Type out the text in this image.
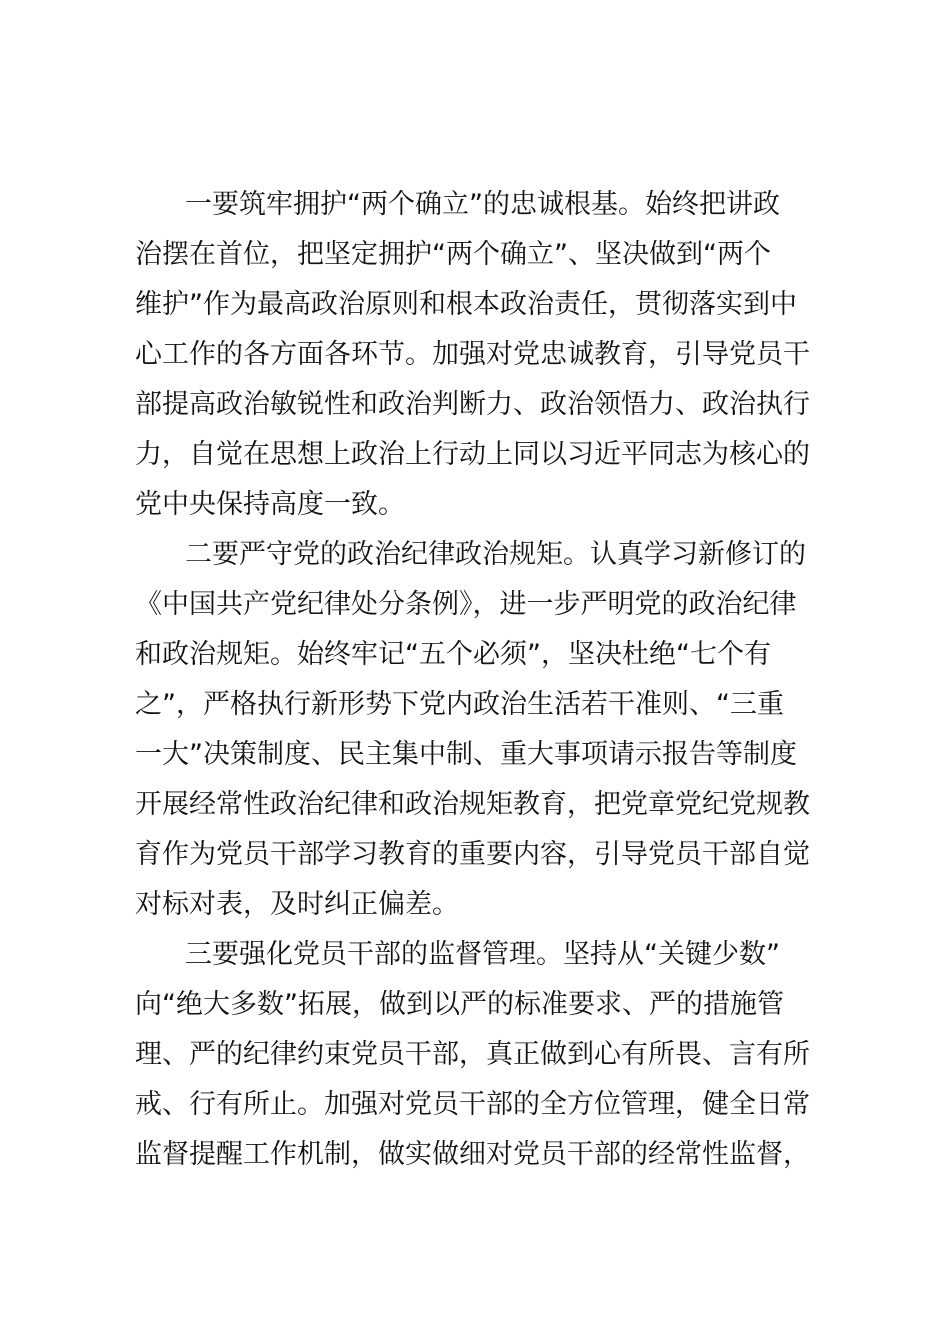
一要筑牢拥护“两个确立”的忠诚根基。始终把讲政
治摆在首位，把坚定拥护“两个确立”、坚决做到“两个
维护”作为最高政治原则和根本政治责任，贯彻落实到中
心工作的各方面各环节。加强对党忠诚教育，引导党员干
部提高政治敏锐性和政治判断力、政治领悟力、政治执行
力，自觉在思想上政治上行动上同以习近平同志为核心的
党中央保持高度一致。
二要严守党的政治纪律政治规矩。认真学习新修订的
《中国共产党纪律处分条例》，进一步严明党的政治纪律
和政治规矩。始终牢记“五个必须”，坚决杜绝“七个有
之”，严格执行新形势下党内政治生活若干准则、“三重
一大”决策制度、民主集中制、重大事项请示报告等制度
开展经常性政治纪律和政治规矩教育，把党章党纪党规教
育作为党员干部学习教育的重要内容，引导党员干部自觉
对标对表，及时纠正偏差。
三要强化党员干部的监督管理。坚持从“关键少数”
向“绝大多数”拓展，做到以严的标准要求、严的措施管
理、严的纪律约束党员干部，真正做到心有所畏、言有所
戒、行有所止。加强对党员干部的全方位管理，健全日常
监督提醒工作机制，做实做细对党员干部的经常性监督，
